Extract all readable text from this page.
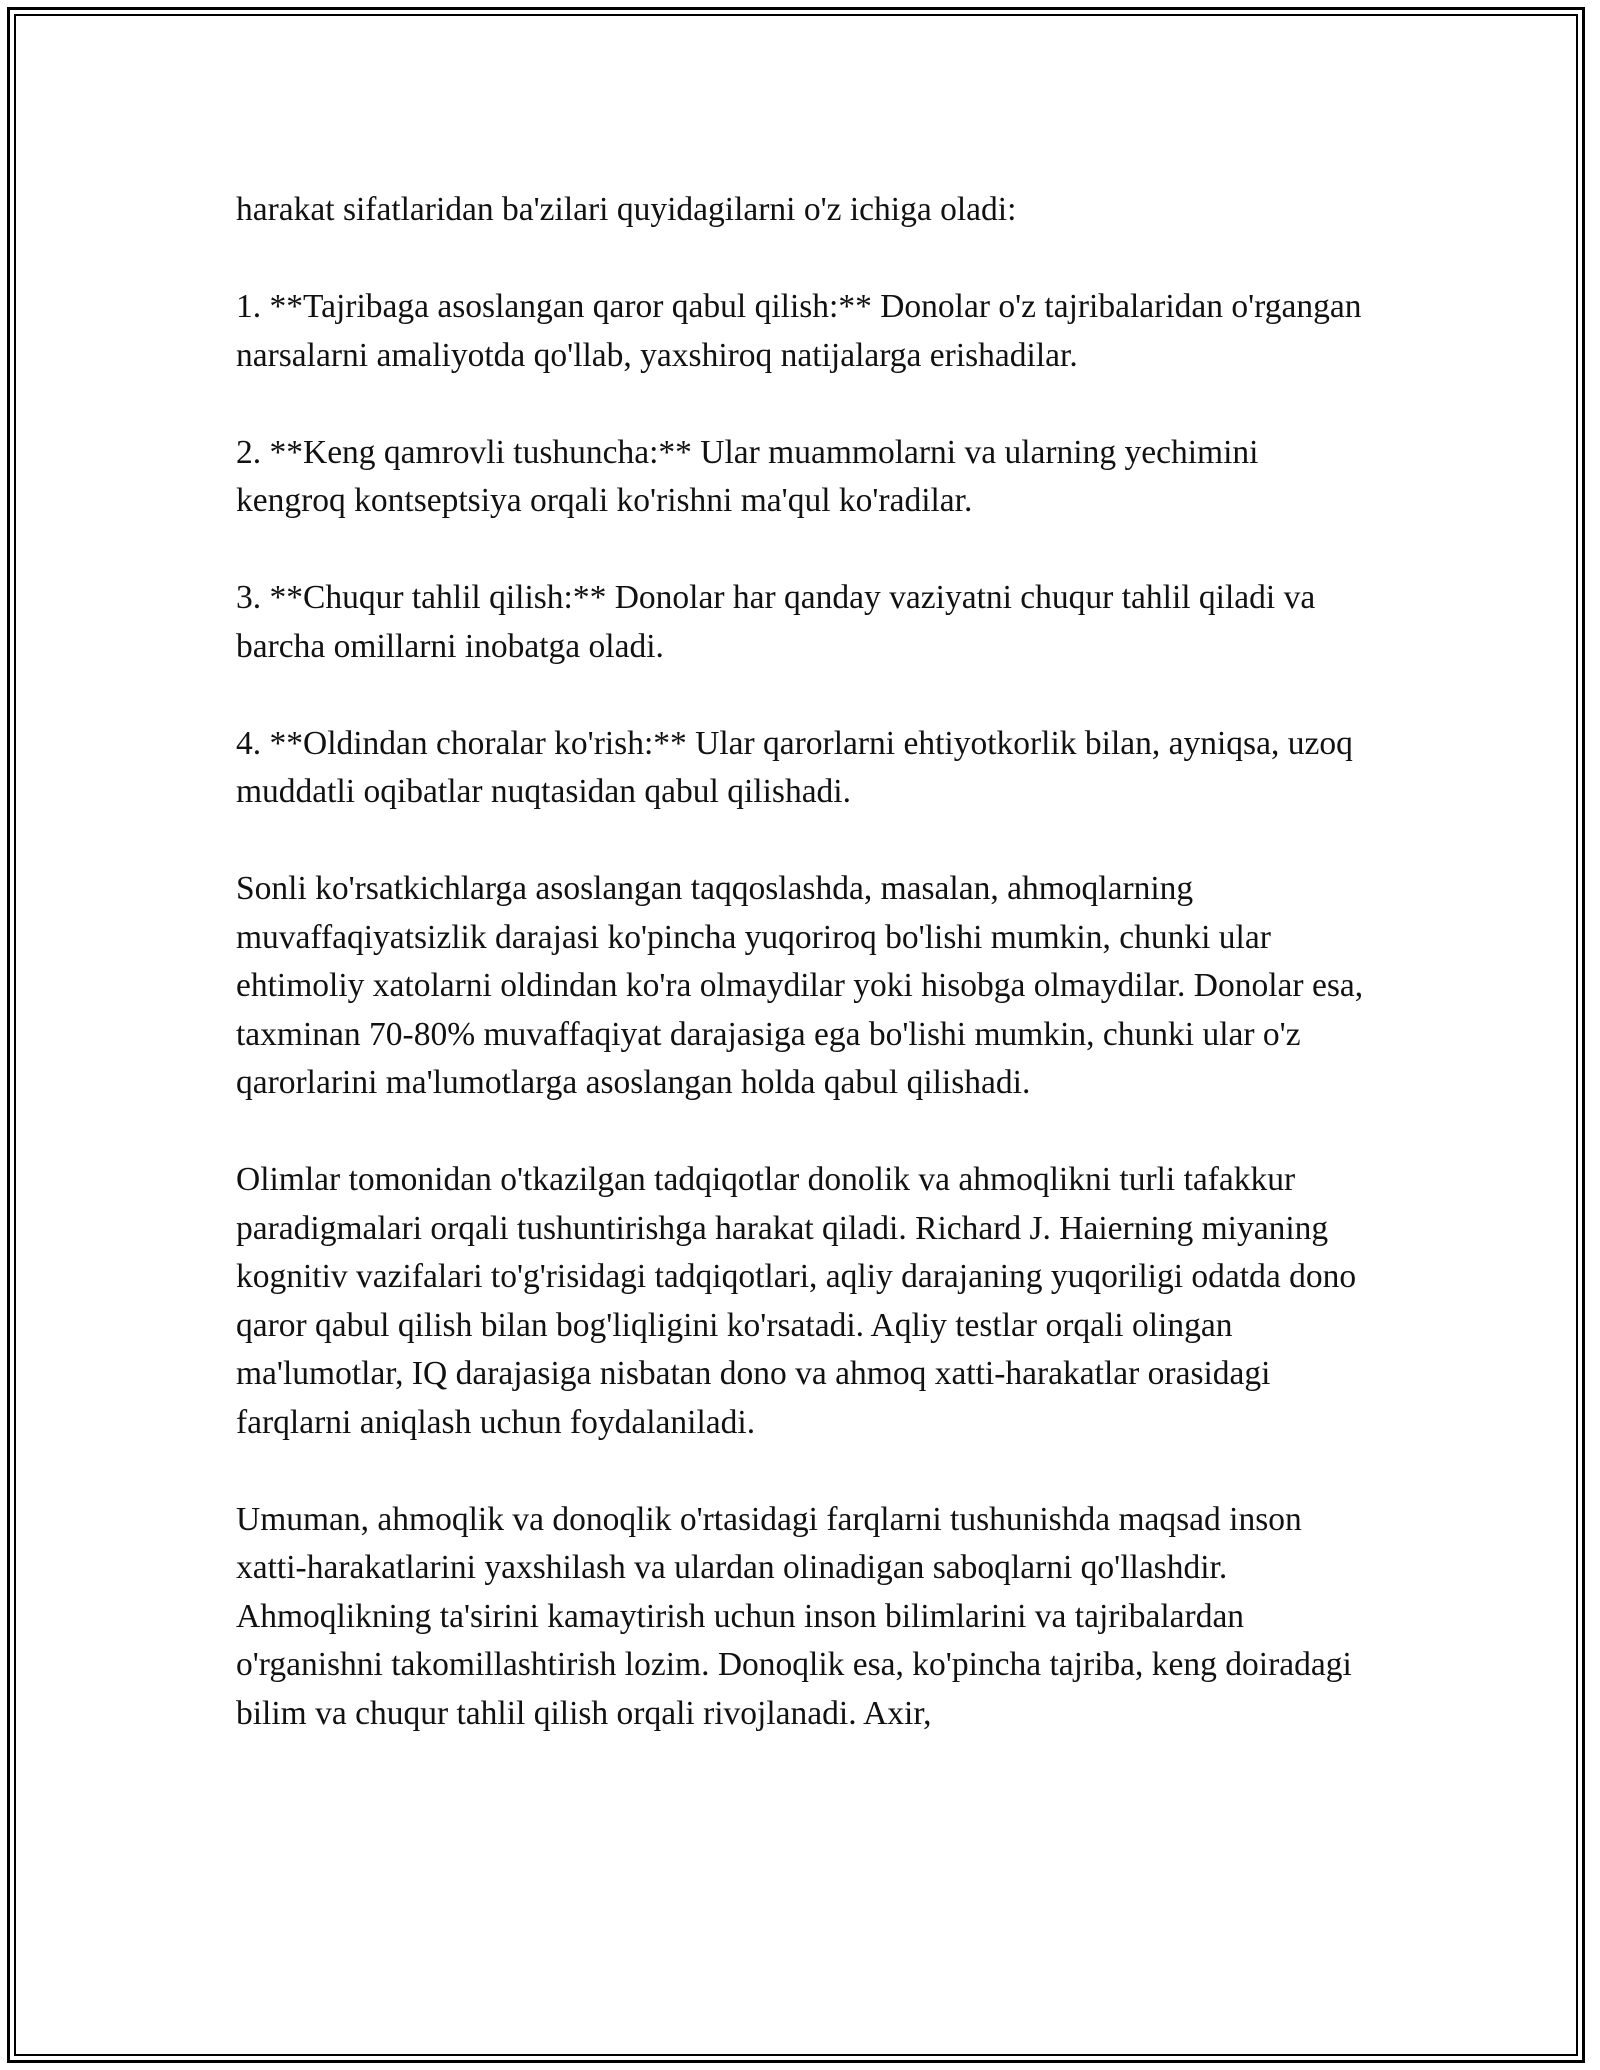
harakat sifatlaridan ba'zilari quyidagilarni o'z ichiga oladi:

1. **Tajribaga asoslangan qaror qabul qilish:** Donolar o'z tajribalaridan o'rgangan narsalarni amaliyotda qo'llab, yaxshiroq natijalarga erishadilar.

2. **Keng qamrovli tushuncha:** Ular muammolarni va ularning yechimini kengroq kontseptsiya orqali ko'rishni ma'qul ko'radilar.

3. **Chuqur tahlil qilish:** Donolar har qanday vaziyatni chuqur tahlil qiladi va barcha omillarni inobatga oladi.

4. **Oldindan choralar ko'rish:** Ular qarorlarni ehtiyotkorlik bilan, ayniqsa, uzoq muddatli oqibatlar nuqtasidan qabul qilishadi.

Sonli ko'rsatkichlarga asoslangan taqqoslashda, masalan, ahmoqlarning muvaffaqiyatsizlik darajasi ko'pincha yuqoriroq bo'lishi mumkin, chunki ular ehtimoliy xatolarni oldindan ko'ra olmaydilar yoki hisobga olmaydilar. Donolar esa, taxminan 70-80% muvaffaqiyat darajasiga ega bo'lishi mumkin, chunki ular o'z qarorlarini ma'lumotlarga asoslangan holda qabul qilishadi.

Olimlar tomonidan o'tkazilgan tadqiqotlar donolik va ahmoqlikni turli tafakkur paradigmalari orqali tushuntirishga harakat qiladi. Richard J. Haierning miyaning kognitiv vazifalari to'g'risidagi tadqiqotlari, aqliy darajaning yuqoriligi odatda dono qaror qabul qilish bilan bog'liqligini ko'rsatadi. Aqliy testlar orqali olingan ma'lumotlar, IQ darajasiga nisbatan dono va ahmoq xatti-harakatlar orasidagi farqlarni aniqlash uchun foydalaniladi.

Umuman, ahmoqlik va donoqlik o'rtasidagi farqlarni tushunishda maqsad inson xatti-harakatlarini yaxshilash va ulardan olinadigan saboqlarni qo'llashdir. Ahmoqlikning ta'sirini kamaytirish uchun inson bilimlarini va tajribalardan o'rganishni takomillashtirish lozim. Donoqlik esa, ko'pincha tajriba, keng doiradagi bilim va chuqur tahlil qilish orqali rivojlanadi. Axir,
